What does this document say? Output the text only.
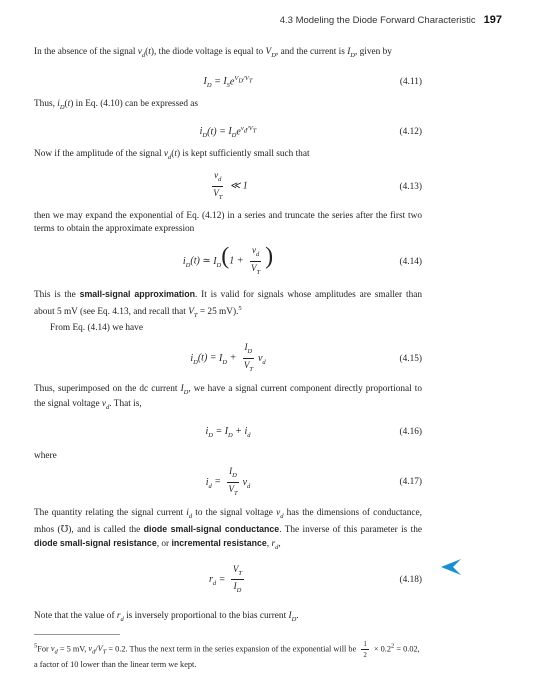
4.3 Modeling the Diode Forward Characteristic 197

In the absence of the signal $v_d(t)$, the diode voltage is equal to $V_D$, and the current is $I_D$, given by

$I_D = I_Se^{V_D/V_T}$	(4.11)

Thus, $i_D(t)$ in Eq. (4.10) can be expressed as

$i_D(t) = I_De^{v_d/V_T}$	(4.12)

Now if the amplitude of the signal $v_d(t)$ is kept sufficiently small such that

$\frac{v_d}{V_T}$ ≪ 1	(4.13)

then we may expand the exponential of Eq. (4.12) in a series and truncate the series after the first two terms to obtain the approximate expression

$i_D(t)$ ≃ $I_D(1 + \frac{v_d}{V_T}$ )	(4.14)

This is the small-signal approximation. It is valid for signals whose amplitudes are smaller than about 5 mV (see Eq. 4.13, and recall that $V_T = 25$ mV).$^5$

From Eq. (4.14) we have

$i_D(t) = I_D + \frac{I_D}{V_T} v_d$	(4.15)

Thus, superimposed on the dc current $I_D$, we have a signal current component directly proportional to the signal voltage $v_d$. That is,

$i_D = I_D + i_d$	(4.16)

where

$i_d = \frac{I_D}{V_T} v_d$	(4.17)

The quantity relating the signal current $i_d$ to the signal voltage $v_d$ has the dimensions of conductance, mhos (℧), and is called the diode small-signal conductance. The inverse of this parameter is the diode small-signal resistance, or incremental resistance, $r_d$,

$r_d = \frac{V_T}{I_D}$	(4.18)

Note that the value of $r_d$ is inversely proportional to the bias current $I_D$.

$^5$For $v_d = 5$ mV, $v_d/V_T = 0.2$. Thus the next term in the series expansion of the exponential will be $\frac{1}{2} \times 0.2^2 = 0.02$, a factor of 10 lower than the linear term we kept.
